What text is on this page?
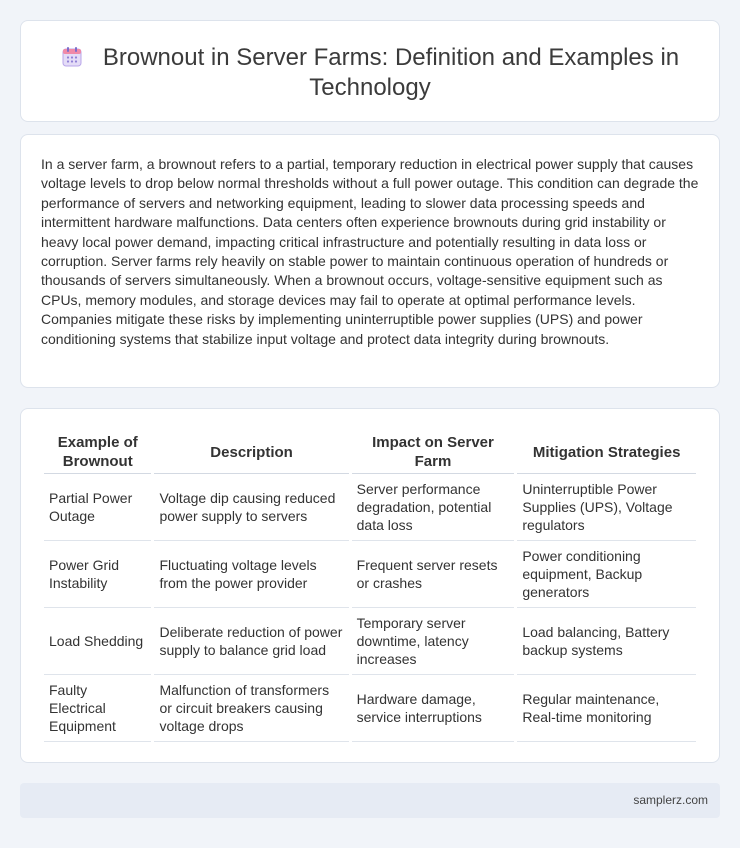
Brownout in Server Farms: Definition and Examples in Technology

In a server farm, a brownout refers to a partial, temporary reduction in electrical power supply that causes voltage levels to drop below normal thresholds without a full power outage. This condition can degrade the performance of servers and networking equipment, leading to slower data processing speeds and intermittent hardware malfunctions. Data centers often experience brownouts during grid instability or heavy local power demand, impacting critical infrastructure and potentially resulting in data loss or corruption. Server farms rely heavily on stable power to maintain continuous operation of hundreds or thousands of servers simultaneously. When a brownout occurs, voltage-sensitive equipment such as CPUs, memory modules, and storage devices may fail to operate at optimal performance levels. Companies mitigate these risks by implementing uninterruptible power supplies (UPS) and power conditioning systems that stabilize input voltage and protect data integrity during brownouts.

Example of Brownout	Description	Impact on Server Farm	Mitigation Strategies
Partial Power Outage	Voltage dip causing reduced power supply to servers	Server performance degradation, potential data loss	Uninterruptible Power Supplies (UPS), Voltage regulators
Power Grid Instability	Fluctuating voltage levels from the power provider	Frequent server resets or crashes	Power conditioning equipment, Backup generators
Load Shedding	Deliberate reduction of power supply to balance grid load	Temporary server downtime, latency increases	Load balancing, Battery backup systems
Faulty Electrical Equipment	Malfunction of transformers or circuit breakers causing voltage drops	Hardware damage, service interruptions	Regular maintenance, Real-time monitoring
samplerz.com
